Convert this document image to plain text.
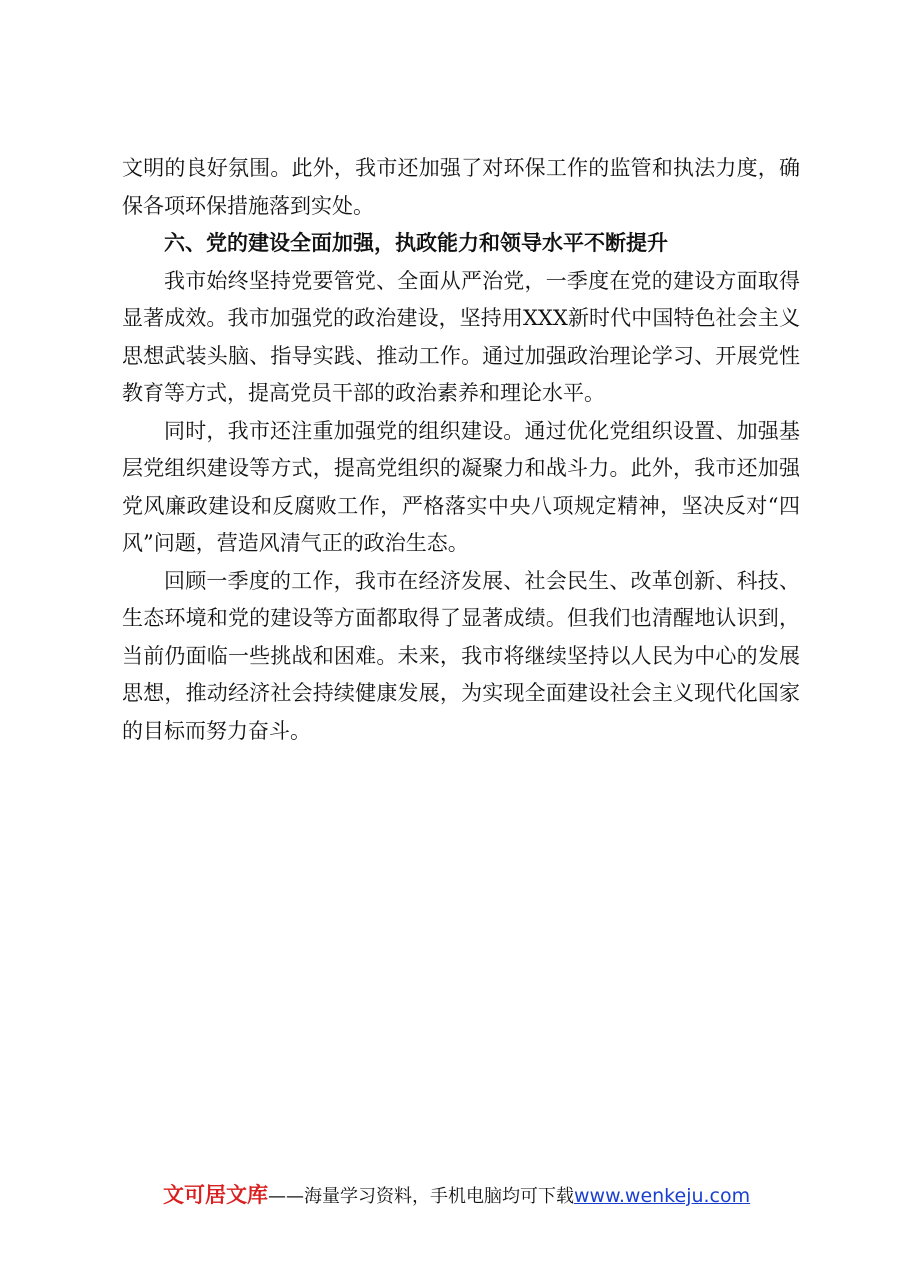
文明的良好氛围。此外，我市还加强了对环保工作的监管和执法力度，确保各项环保措施落到实处。

六、党的建设全面加强，执政能力和领导水平不断提升

我市始终坚持党要管党、全面从严治党，一季度在党的建设方面取得显著成效。我市加强党的政治建设，坚持用XXX新时代中国特色社会主义思想武装头脑、指导实践、推动工作。通过加强政治理论学习、开展党性教育等方式，提高党员干部的政治素养和理论水平。

同时，我市还注重加强党的组织建设。通过优化党组织设置、加强基层党组织建设等方式，提高党组织的凝聚力和战斗力。此外，我市还加强党风廉政建设和反腐败工作，严格落实中央八项规定精神，坚决反对“四风”问题，营造风清气正的政治生态。

回顾一季度的工作，我市在经济发展、社会民生、改革创新、科技、生态环境和党的建设等方面都取得了显著成绩。但我们也清醒地认识到，当前仍面临一些挑战和困难。未来，我市将继续坚持以人民为中心的发展思想，推动经济社会持续健康发展，为实现全面建设社会主义现代化国家的目标而努力奋斗。

文可居文库——海量学习资料，手机电脑均可下载www.wenkeju.com
